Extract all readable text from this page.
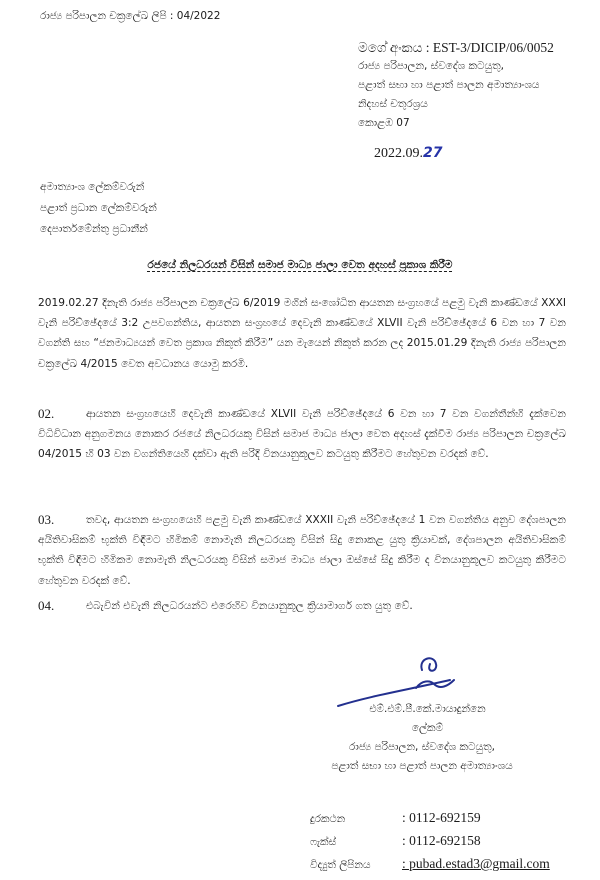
රාජ්‍ය පරිපාලන චක්‍රලේඛ ලිපි : 04/2022
මගේ අංකය : EST-3/DICIP/06/0052
රාජ්‍ය පරිපාලන, ස්වදේශ කටයුතු,
පළාත් සභා හා පළාත් පාලන අමාත්‍යාංශය
නිදහස් චතුරශ්‍රය
කොළඹ 07
2022.09.27
අමාත්‍යාංශ ලේකම්වරුන්
පළාත් ප්‍රධාන ලේකම්වරුන්
දෙපාර්තමේන්තු ප්‍රධානීන්
රජයේ නිලධරයන් විසින් සමාජ මාධ්‍ය ජාලා වෙත අදහස් ප්‍රකාශ කිරීම

2019.02.27 දිනැති රාජ්‍ය පරිපාලන චක්‍රලේඛ 6/2019 මගින් සංශෝධිත ආයතන සංග්‍රහයේ පළමු වැනි කාණ්ඩයේ XXXI වැනි පරිච්ඡේදයේ 3:2 උපවගන්තිය, ආයතන සංග්‍රහයේ දෙවැනි කාණ්ඩයේ XLVII වැනි පරිච්ඡේදයේ 6 වන හා 7 වන වගන්ති සහ “ජනමාධ්‍යයන් වෙත ප්‍රකාශ නිකුත් කිරීම” යන මැයෙන් නිකුත් කරන ලද 2015.01.29 දිනැති රාජ්‍ය පරිපාලන චක්‍රලේඛ 4/2015 වෙත අවධානය යොමු කරමි.

02.	ආයතන සංග්‍රහයෙහි දෙවැනි කාණ්ඩයේ XLVII වැනි පරිච්ඡේදයේ 6 වන හා 7 වන වගන්තීන්හි දැක්වෙන විධිවිධාන අනුගමනය නොකර රජයේ නිලධරයකු විසින් සමාජ මාධ්‍ය ජාලා වෙත අදහස් දැක්වීම රාජ්‍ය පරිපාලන චක්‍රලේඛ 04/2015 හි 03 වන වගන්තියෙහි දක්වා ඇති පරිදි විනයානුකූලව කටයුතු කිරීමට හේතුවන වරදක් වේ.

03.	තවද, ආයතන සංග්‍රහයෙහි පළමු වැනි කාණ්ඩයේ XXXII වැනි පරිච්ඡේදයේ 1 වන වගන්තිය අනුව දේශපාලන අයිතිවාසිකම් භුක්ති විඳීමට හිමිකම් නොමැති නිලධරයකු විසින් සිදු නොකළ යුතු ක්‍රියාවක්, දේශපාලන අයිතිවාසිකම් භුක්ති විඳීමට හිමිකම නොමැති නිලධරයකු විසින් සමාජ මාධ්‍ය ජාලා ඔස්සේ සිදු කිරීම ද විනයානුකූලව කටයුතු කිරීමට හේතුවන වරදක් වේ.

04.	එබැවින් එවැනි නිලධරයන්ට එරෙහිව විනයානුකූල ක්‍රියාමාර්ග ගත යුතු වේ.

එම්.එම්.පී.කේ.මායාදුන්නෙ
ලේකම්
රාජ්‍ය පරිපාලන, ස්වදේශ කටයුතු,
පළාත් සභා හා පළාත් පාලන අමාත්‍යාංශය
දුරකථන	: 0112-692159
ෆැක්ස්	: 0112-692158
විද්‍යුත් ලිපිනය : pubad.estad3@gmail.com
